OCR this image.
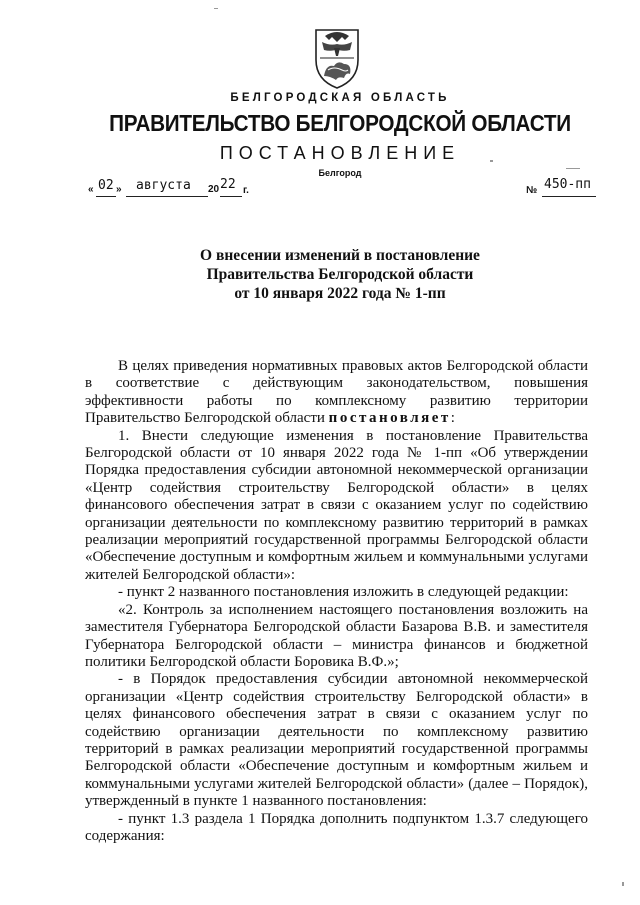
БЕЛГОРОДСКАЯ ОБЛАСТЬ
ПРАВИТЕЛЬСТВО БЕЛГОРОДСКОЙ ОБЛАСТИ
ПОСТАНОВЛЕНИЕ
Белгород
« 02 » августа 20 22 г.	№ 450-пп
О внесении изменений в постановление
Правительства Белгородской области
от 10 января 2022 года № 1-пп

В целях приведения нормативных правовых актов Белгородской области в соответствие с действующим законодательством, повышения эффективности работы по комплексному развитию территории Правительство Белгородской области постановляет:

1. Внести следующие изменения в постановление Правительства Белгородской области от 10 января 2022 года № 1-пп «Об утверждении Порядка предоставления субсидии автономной некоммерческой организации «Центр содействия строительству Белгородской области» в целях финансового обеспечения затрат в связи с оказанием услуг по содействию организации деятельности по комплексному развитию территорий в рамках реализации мероприятий государственной программы Белгородской области «Обеспечение доступным и комфортным жильем и коммунальными услугами жителей Белгородской области»:

- пункт 2 названного постановления изложить в следующей редакции:

«2. Контроль за исполнением настоящего постановления возложить на заместителя Губернатора Белгородской области Базарова В.В. и заместителя Губернатора Белгородской области – министра финансов и бюджетной политики Белгородской области Боровика В.Ф.»;

- в Порядок предоставления субсидии автономной некоммерческой организации «Центр содействия строительству Белгородской области» в целях финансового обеспечения затрат в связи с оказанием услуг по содействию организации деятельности по комплексному развитию территорий в рамках реализации мероприятий государственной программы Белгородской области «Обеспечение доступным и комфортным жильем и коммунальными услугами жителей Белгородской области» (далее – Порядок), утвержденный в пункте 1 названного постановления:

- пункт 1.3 раздела 1 Порядка дополнить подпунктом 1.3.7 следующего содержания:
